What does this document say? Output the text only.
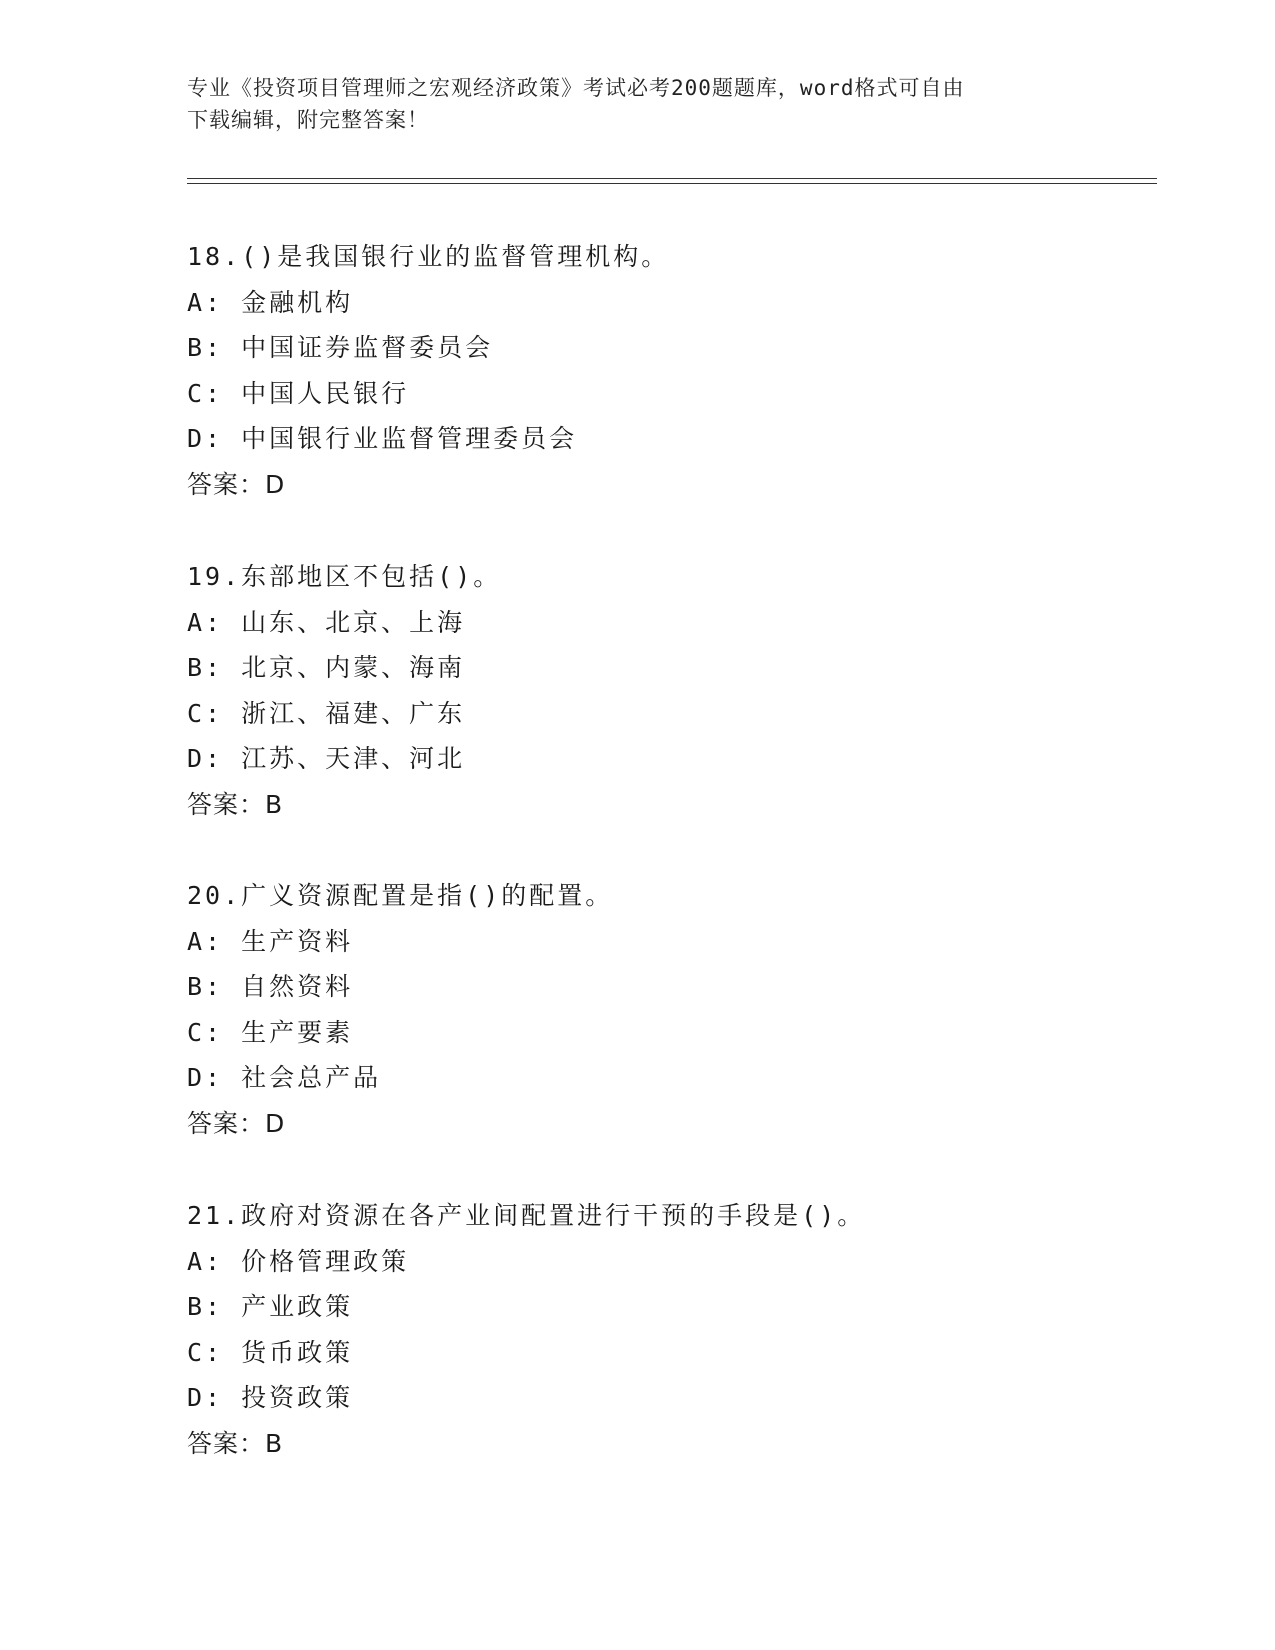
专业《投资项目管理师之宏观经济政策》考试必考200题题库，word格式可自由
下载编辑，附完整答案！
18.()是我国银行业的监督管理机构。
A: 金融机构
B: 中国证券监督委员会
C: 中国人民银行
D: 中国银行业监督管理委员会
答案：D
19.东部地区不包括()。
A: 山东、北京、上海
B: 北京、内蒙、海南
C: 浙江、福建、广东
D: 江苏、天津、河北
答案：B
20.广义资源配置是指()的配置。
A: 生产资料
B: 自然资料
C: 生产要素
D: 社会总产品
答案：D
21.政府对资源在各产业间配置进行干预的手段是()。
A: 价格管理政策
B: 产业政策
C: 货币政策
D: 投资政策
答案：B
